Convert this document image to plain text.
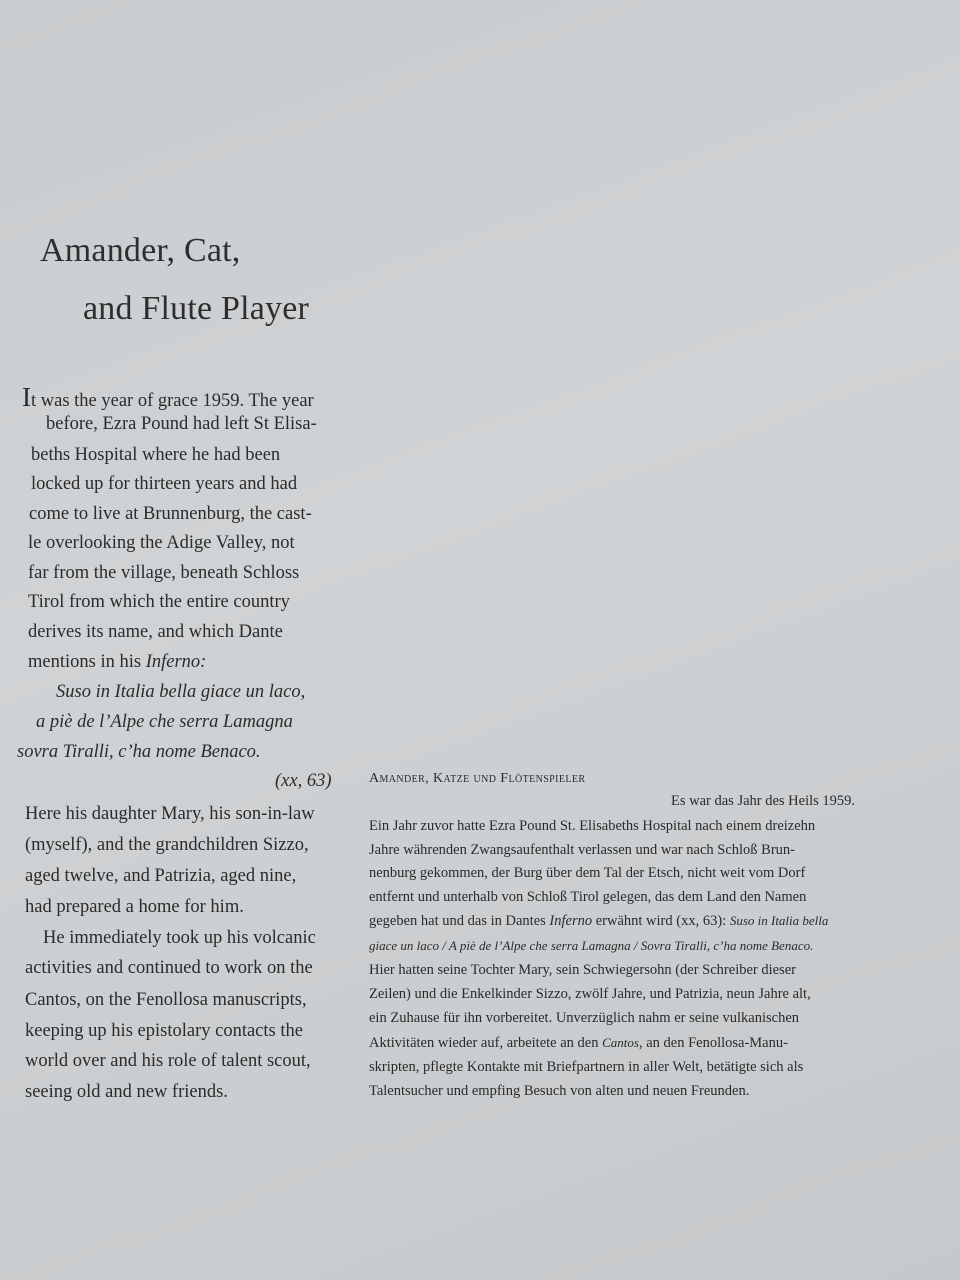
Amander, Cat,
and Flute Player
It was the year of grace 1959. The year
before, Ezra Pound had left St Elisa-
beths Hospital where he had been
locked up for thirteen years and had
come to live at Brunnenburg, the cast-
le overlooking the Adige Valley, not
far from the village, beneath Schloss
Tirol from which the entire country
derives its name, and which Dante
mentions in his Inferno:
Suso in Italia bella giace un laco,
a piè de l’Alpe che serra Lamagna
sovra Tiralli, c’ha nome Benaco.
(xx, 63)
Here his daughter Mary, his son-in-law
(myself), and the grandchildren Sizzo,
aged twelve, and Patrizia, aged nine,
had prepared a home for him.
He immediately took up his volcanic
activities and continued to work on the
Cantos, on the Fenollosa manuscripts,
keeping up his epistolary contacts the
world over and his role of talent scout,
seeing old and new friends.
Amander, Katze und Flötenspieler
Es war das Jahr des Heils 1959.
Ein Jahr zuvor hatte Ezra Pound St. Elisabeths Hospital nach einem dreizehn
Jahre währenden Zwangsaufenthalt verlassen und war nach Schloß Brun-
nenburg gekommen, der Burg über dem Tal der Etsch, nicht weit vom Dorf
entfernt und unterhalb von Schloß Tirol gelegen, das dem Land den Namen
gegeben hat und das in Dantes Inferno erwähnt wird (xx, 63): Suso in Italia bella
giace un laco / A piè de l’Alpe che serra Lamagna / Sovra Tiralli, c’ha nome Benaco.
Hier hatten seine Tochter Mary, sein Schwiegersohn (der Schreiber dieser
Zeilen) und die Enkelkinder Sizzo, zwölf Jahre, und Patrizia, neun Jahre alt,
ein Zuhause für ihn vorbereitet. Unverzüglich nahm er seine vulkanischen
Aktivitäten wieder auf, arbeitete an den Cantos, an den Fenollosa-Manu-
skripten, pflegte Kontakte mit Briefpartnern in aller Welt, betätigte sich als
Talentsucher und empfing Besuch von alten und neuen Freunden.
